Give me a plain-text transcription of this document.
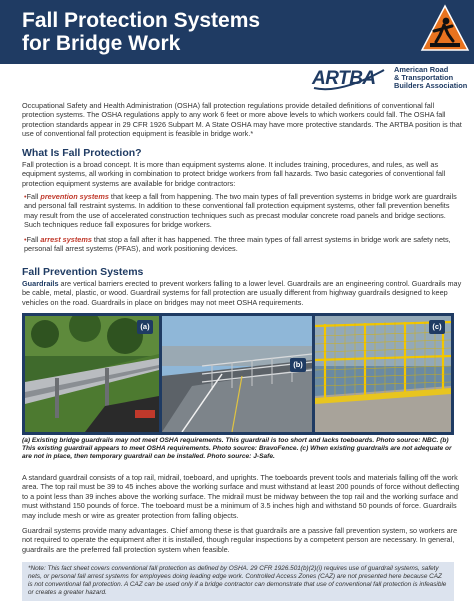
Fall Protection Systems
for Bridge Work
ARTBA American Road
& Transportation
Builders Association

Occupational Safety and Health Administration (OSHA) fall protection regulations provide detailed definitions of conventional fall protection systems. The OSHA regulations apply to any work 6 feet or more above levels to which workers could fall. The OSHA fall protection standards appear in 29 CFR 1926 Subpart M. A State OSHA may have more protective standards. The ARTBA position is that use of conventional fall protection equipment is feasible in bridge work.*

What Is Fall Protection?

Fall protection is a broad concept. It is more than equipment systems alone. It includes training, procedures, and rules, as well as equipment systems, all working in combination to protect bridge workers from fall hazards. Two basic categories of conventional fall protection equipment systems are available for bridge contractors:

•Fall prevention systems that keep a fall from happening. The two main types of fall prevention systems in bridge work are guardrails and personal fall restraint systems. In addition to these conventional fall protection equipment systems, other fall prevention benefits may result from the use of accelerated construction techniques such as precast modular concrete road panels and bridge sections. Such techniques reduce fall exposures for bridge workers.

•Fall arrest systems that stop a fall after it has happened. The three main types of fall arrest systems in bridge work are safety nets, personal fall arrest systems (PFAS), and work positioning devices.

Fall Prevention Systems

Guardrails are vertical barriers erected to prevent workers falling to a lower level. Guardrails are an engineering control. Guardrails may be cable, metal, plastic, or wood. Guardrail systems for fall protection are usually different from highway guardrails designed to keep vehicles on the road. Guardrails in place on bridges may not meet OSHA requirements.

(a)
(b)
(c)

(a) Existing bridge guardrails may not meet OSHA requirements. This guardrail is too short and lacks toeboards. Photo source: NBC. (b) This existing guardrail appears to meet OSHA requirements. Photo source: BravoFence. (c) When existing guardrails are not adequate or are not in place, then temporary guardrail can be installed. Photo source: J-Safe.

A standard guardrail consists of a top rail, midrail, toeboard, and uprights. The toeboards prevent tools and materials falling off the work area. The top rail must be 39 to 45 inches above the working surface and must withstand at least 200 pounds of force without deflecting to a point less than 39 inches above the working surface. The midrail must be midway between the top rail and the working surface and must withstand 150 pounds of force. The toeboard must be a minimum of 3.5 inches high and withstand 50 pounds of force. Guardrails may include mesh or wire as greater protection from falling objects.

Guardrail systems provide many advantages. Chief among these is that guardrails are a passive fall prevention system, so workers are not required to operate the equipment after it is installed, though regular inspections by a competent person are necessary. In general, guardrails are the preferred fall protection system when feasible.

*Note: This fact sheet covers conventional fall protection as defined by OSHA. 29 CFR 1926.501(b)(2)(i) requires use of guardrail systems, safety nets, or personal fall arrest systems for employees doing leading edge work. Controlled Access Zones (CAZ) are not presented here because CAZ is not conventional fall protection. A CAZ can be used only if a bridge contractor can demonstrate that use of conventional fall protection is infeasible or creates a greater hazard.
